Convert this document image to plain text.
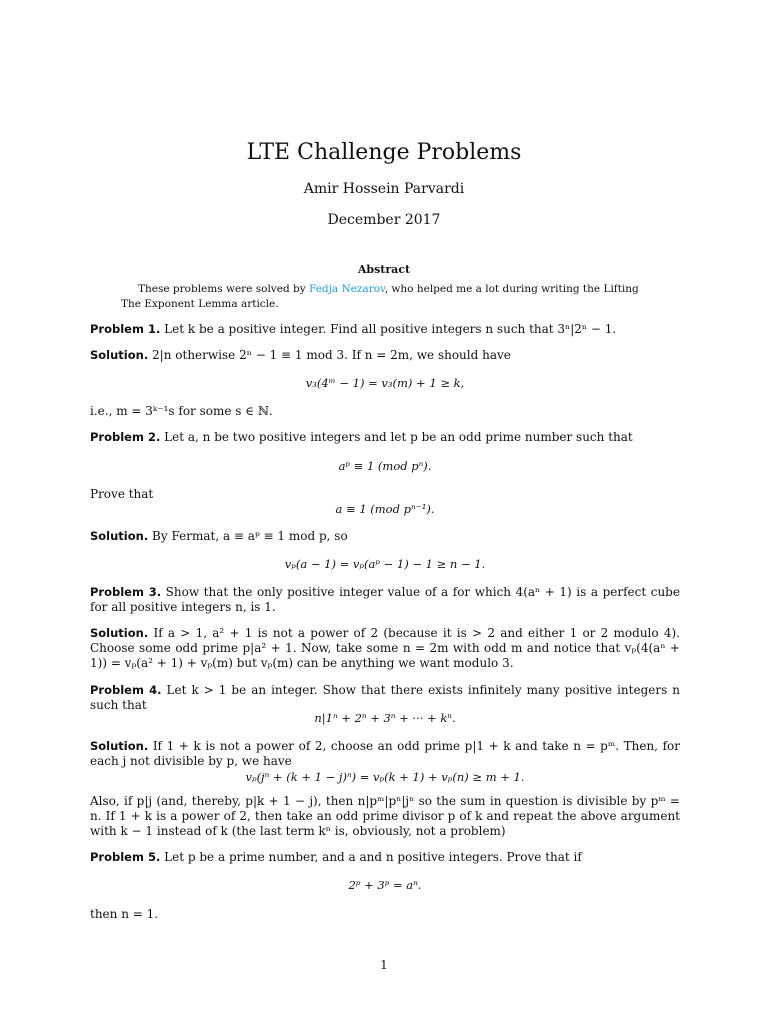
LTE Challenge Problems
Amir Hossein Parvardi
December 2017
Abstract
These problems were solved by Fedja Nezarov, who helped me a lot during writing the Lifting The Exponent Lemma article.
Problem 1. Let k be a positive integer. Find all positive integers n such that 3ⁿ|2ⁿ − 1.
Solution. 2|n otherwise 2ⁿ − 1 ≡ 1 mod 3. If n = 2m, we should have
v₃(4ᵐ − 1) = v₃(m) + 1 ≥ k,
i.e., m = 3ᵏ⁻¹s for some s ∈ ℕ.
Problem 2. Let a, n be two positive integers and let p be an odd prime number such that
aᵖ ≡ 1 (mod pⁿ).
Prove that
a ≡ 1 (mod pⁿ⁻¹).
Solution. By Fermat, a ≡ aᵖ ≡ 1 mod p, so
vₚ(a − 1) = vₚ(aᵖ − 1) − 1 ≥ n − 1.
Problem 3. Show that the only positive integer value of a for which 4(aⁿ + 1) is a perfect cube for all positive integers n, is 1.
Solution. If a > 1, a² + 1 is not a power of 2 (because it is > 2 and either 1 or 2 modulo 4). Choose some odd prime p|a² + 1. Now, take some n = 2m with odd m and notice that vₚ(4(aⁿ + 1)) = vₚ(a² + 1) + vₚ(m) but vₚ(m) can be anything we want modulo 3.
Problem 4. Let k > 1 be an integer. Show that there exists infinitely many positive integers n such that
n|1ⁿ + 2ⁿ + 3ⁿ + ··· + kⁿ.
Solution. If 1 + k is not a power of 2, choose an odd prime p|1 + k and take n = pᵐ. Then, for each j not divisible by p, we have
vₚ(jⁿ + (k + 1 − j)ⁿ) = vₚ(k + 1) + vₚ(n) ≥ m + 1.
Also, if p|j (and, thereby, p|k + 1 − j), then n|pᵐ|pⁿ|jⁿ so the sum in question is divisible by pᵐ = n. If 1 + k is a power of 2, then take an odd prime divisor p of k and repeat the above argument with k − 1 instead of k (the last term kⁿ is, obviously, not a problem)
Problem 5. Let p be a prime number, and a and n positive integers. Prove that if
2ᵖ + 3ᵖ = aⁿ.
then n = 1.
1
